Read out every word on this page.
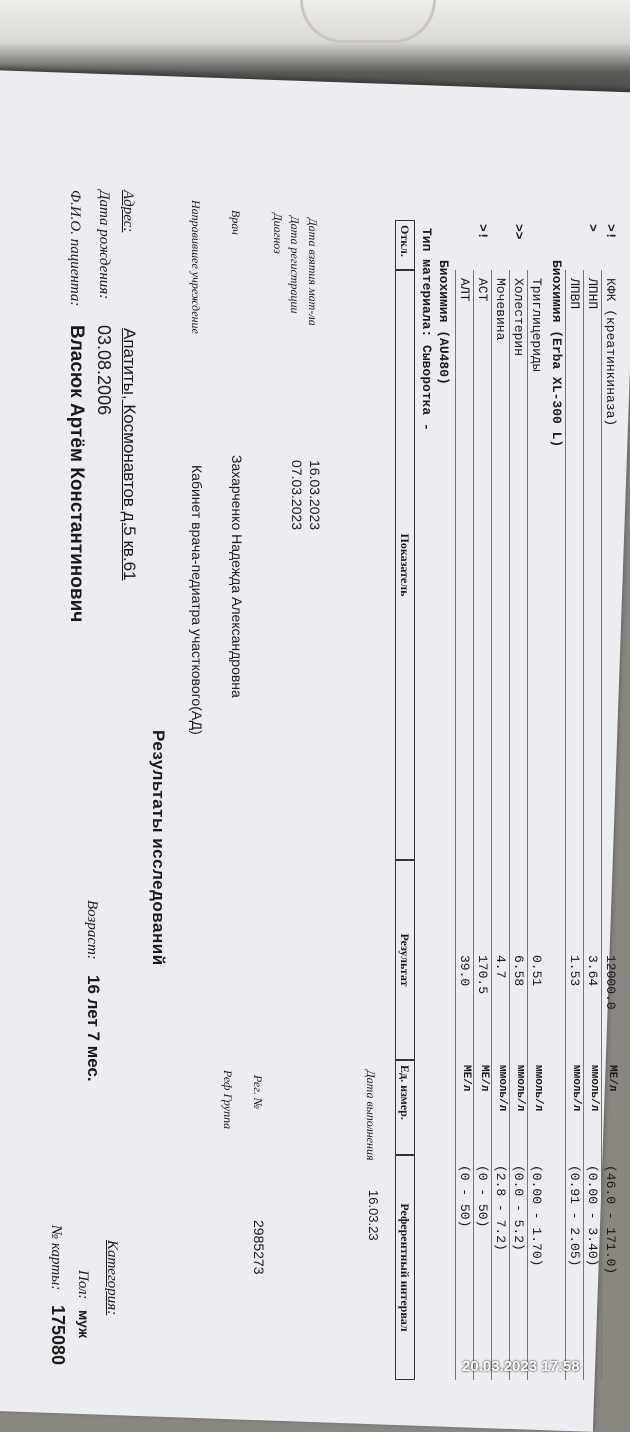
Ф.И.О. пациента:
Власюк Артём Константинович
Дата рождения:
03.08.2006
Адрес:
Апатиты, Космонавтов д.5 кв.61
Возраст:
16 лет 7 мес.
№ карты:
175080
Пол:
муж
Категория:
Результаты исследований
Направившее учреждение
Кабинет врача-педиатра участкового(АД)
Врач
Захарченко Надежда Александровна
Диагноз Дата регистрации
07.03.2023
Дата взятия мат-ла
16.03.2023
Реф Группа Рег. №
2985273
Дата выполнения
16.03.23
Откл.
Показатель
Результат
Ед. измер.
Референтный интервал
Тип материала: Сыворотка - Биохимия (AU480) АЛТ
39.0
МЕ/л
(0 - 50)
>!
АСТ
170.5
МЕ/л
(0 - 50)
Мочевина
4.7
ммоль/л
(2.8 - 7.2)
>>
Холестерин
6.58
ммоль/л
(0.0 - 5.2)
Триглицериды
0.51
ммоль/л
(0.00 - 1.70)
ЛПВП
1.53
ммоль/л
(0.91 - 2.05)
>
ЛПНП
3.64
ммоль/л
(0.00 - 3.40)
>!
КФК (креатинкиназа)
12000.0
МЕ/л
(46.0 - 171.0)
Биохимия (Erba XL-300 L)
20.03.2023 17:58
